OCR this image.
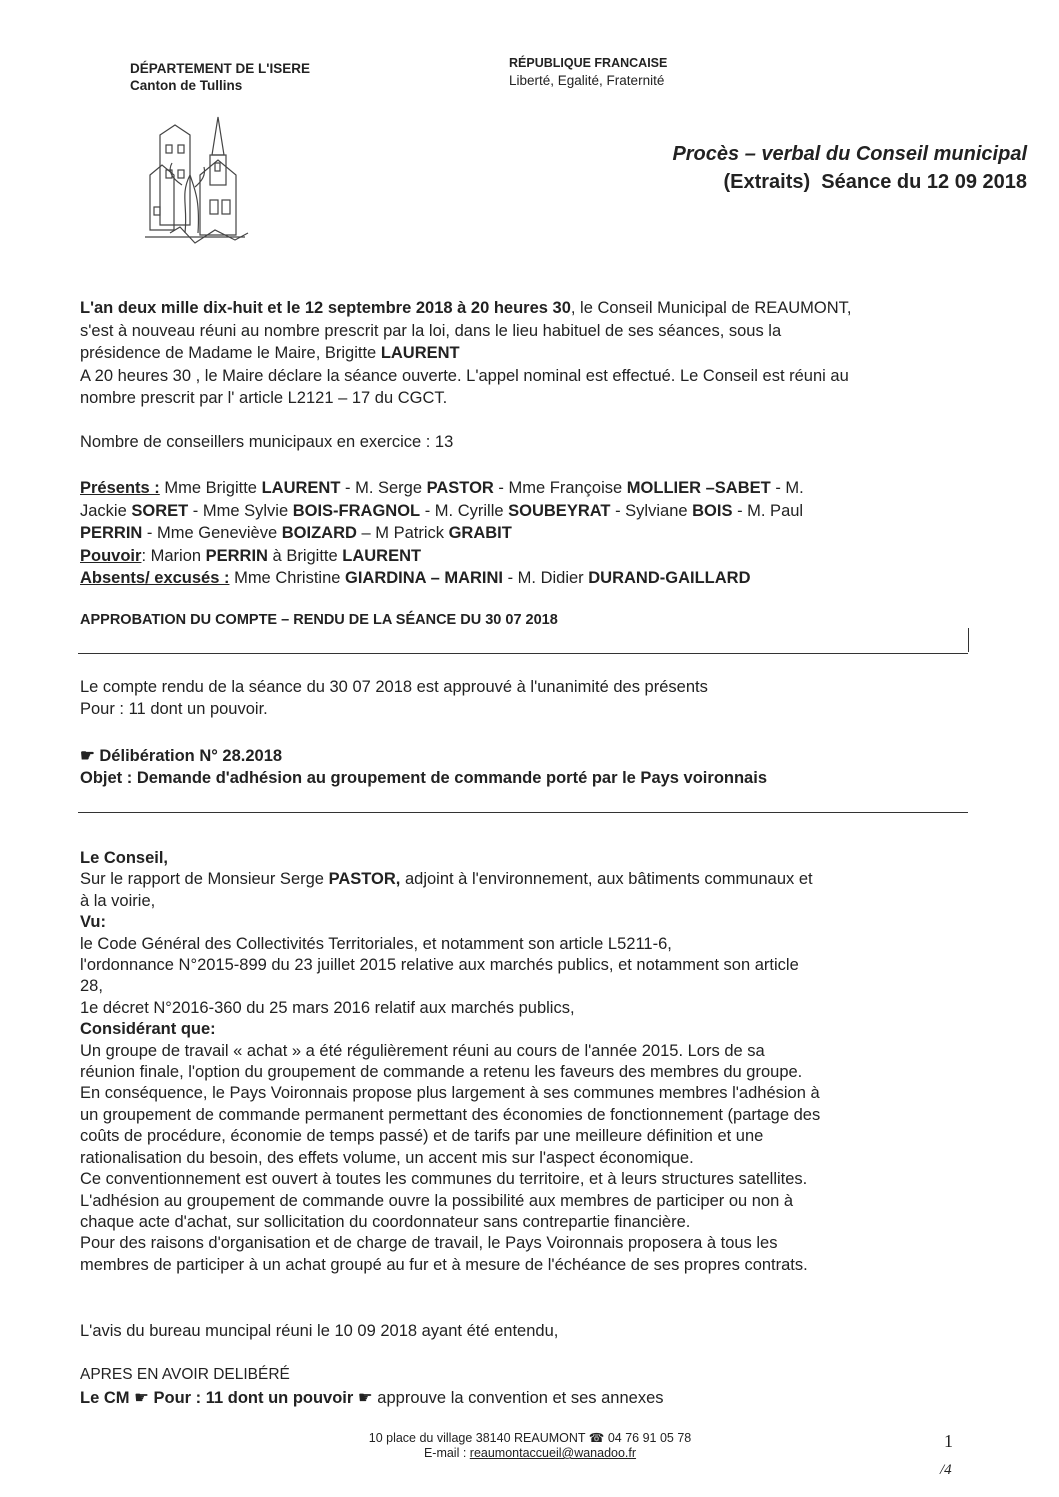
DÉPARTEMENT DE L'ISERE
Canton de Tullins
RÉPUBLIQUE FRANCAISE
Liberté, Egalité, Fraternité
Procès – verbal du Conseil municipal
(Extraits) Séance du 12 09 2018
L'an deux mille dix-huit et le 12 septembre 2018 à 20 heures 30, le Conseil Municipal de REAUMONT,
s'est à nouveau réuni au nombre prescrit par la loi, dans le lieu habituel de ses séances, sous la
présidence de Madame le Maire, Brigitte LAURENT
A 20 heures 30 , le Maire déclare la séance ouverte. L'appel nominal est effectué. Le Conseil est réuni au
nombre prescrit par l' article L2121 – 17 du CGCT.
Nombre de conseillers municipaux en exercice : 13
Présents : Mme Brigitte LAURENT - M. Serge PASTOR - Mme Françoise MOLLIER –SABET - M.
Jackie SORET - Mme Sylvie BOIS-FRAGNOL - M. Cyrille SOUBEYRAT - Sylviane BOIS - M. Paul
PERRIN - Mme Geneviève BOIZARD – M Patrick GRABIT
Pouvoir: Marion PERRIN à Brigitte LAURENT
Absents/ excusés : Mme Christine GIARDINA – MARINI - M. Didier DURAND-GAILLARD
APPROBATION DU COMPTE – RENDU DE LA SÉANCE DU 30 07 2018
Le compte rendu de la séance du 30 07 2018 est approuvé à l'unanimité des présents
Pour : 11 dont un pouvoir.
☛ Délibération N° 28.2018
Objet : Demande d'adhésion au groupement de commande porté par le Pays voironnais
Le Conseil,
Sur le rapport de Monsieur Serge PASTOR, adjoint à l'environnement, aux bâtiments communaux et
à la voirie,
Vu:
le Code Général des Collectivités Territoriales, et notamment son article L5211-6,
l'ordonnance N°2015-899 du 23 juillet 2015 relative aux marchés publics, et notamment son article
28,
1e décret N°2016-360 du 25 mars 2016 relatif aux marchés publics,
Considérant que:
Un groupe de travail « achat » a été régulièrement réuni au cours de l'année 2015. Lors de sa
réunion finale, l'option du groupement de commande a retenu les faveurs des membres du groupe.
En conséquence, le Pays Voironnais propose plus largement à ses communes membres l'adhésion à
un groupement de commande permanent permettant des économies de fonctionnement (partage des
coûts de procédure, économie de temps passé) et de tarifs par une meilleure définition et une
rationalisation du besoin, des effets volume, un accent mis sur l'aspect économique.
Ce conventionnement est ouvert à toutes les communes du territoire, et à leurs structures satellites.
L'adhésion au groupement de commande ouvre la possibilité aux membres de participer ou non à
chaque acte d'achat, sur sollicitation du coordonnateur sans contrepartie financière.
Pour des raisons d'organisation et de charge de travail, le Pays Voironnais proposera à tous les
membres de participer à un achat groupé au fur et à mesure de l'échéance de ses propres contrats.
L'avis du bureau muncipal réuni le 10 09 2018 ayant été entendu,
APRES EN AVOIR DELIBÉRÉ
Le CM ☛ Pour : 11 dont un pouvoir ☛ approuve la convention et ses annexes
10 place du village 38140 REAUMONT ☎ 04 76 91 05 78
E-mail : reaumontaccueil@wanadoo.fr
1
/4
